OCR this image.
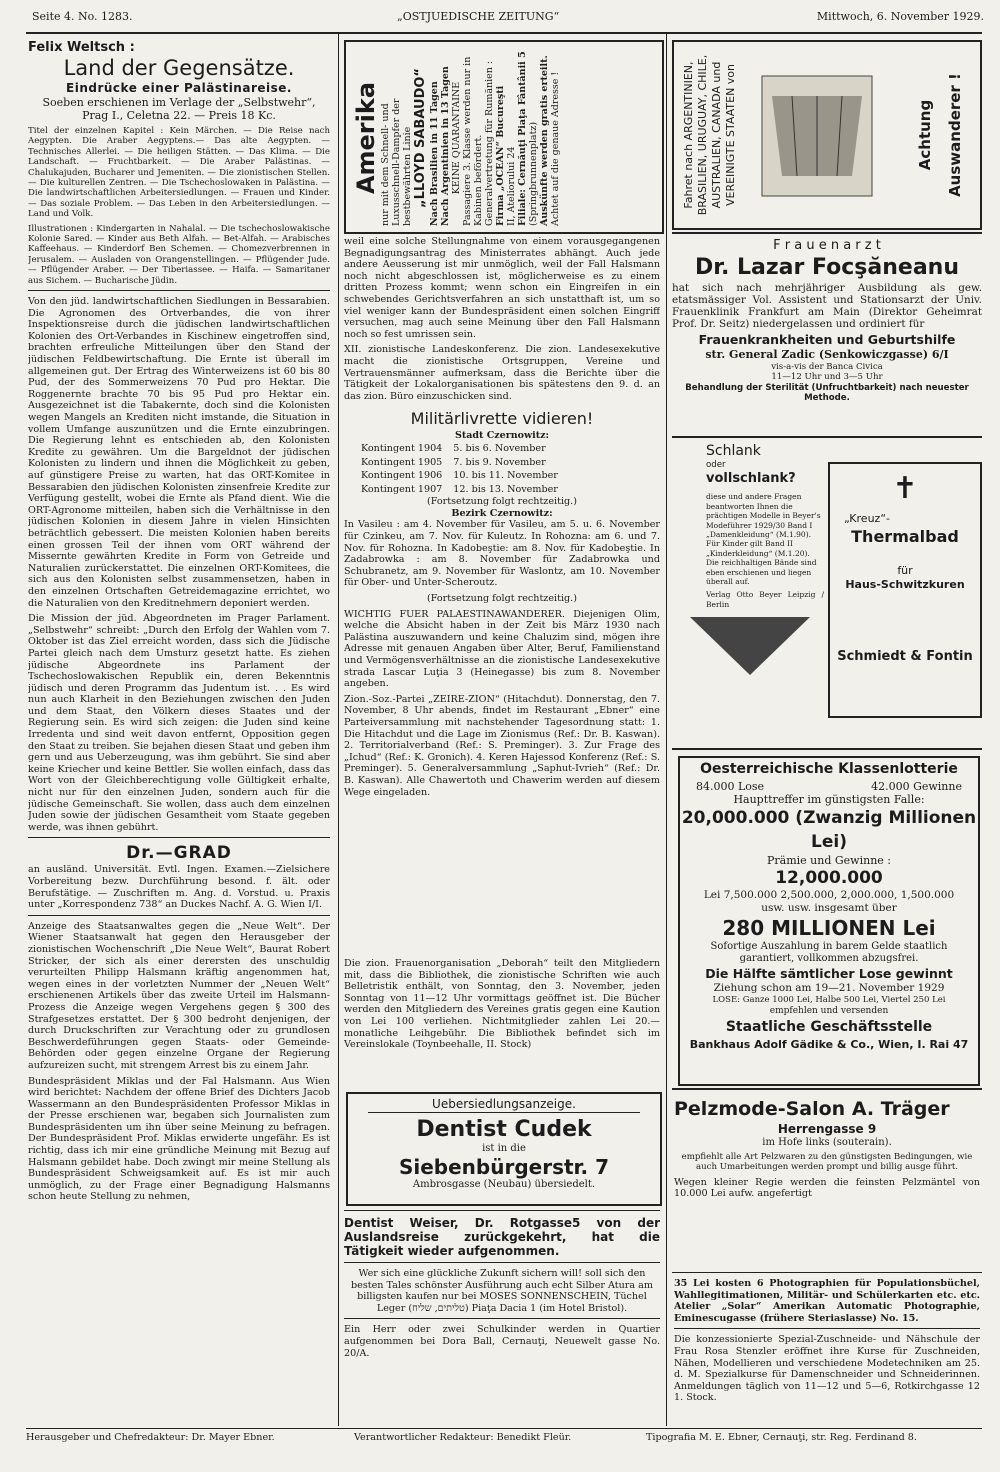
Seite 4. No. 1283.	„OSTJUEDISCHE ZEITUNG“	Mittwoch, 6. November 1929.
Felix Weltsch :
Land der Gegensätze.
Eindrücke einer Palästinareise.
Soeben erschienen im Verlage der „Selbstwehr“,
Prag I., Celetna 22. — Preis 18 Kc.

Titel der einzelnen Kapitel : Kein Märchen. — Die Reise nach Aegypten. Die Araber Aegyptens.— Das alte Aegypten. — Technisches Allerlei. — Die heiligen Stätten. — Das Klima. — Die Landschaft. — Fruchtbarkeit. — Die Araber Palästinas. — Chalukajuden, Bucharer und Jemeniten. — Die zionistischen Stellen. — Die kulturellen Zentren. — Die Tschechoslowaken in Palästina. — Die landwirtschaftlichen Arbeitersiedlungen. — Frauen und Kinder. — Das soziale Problem. — Das Leben in den Arbeitersiedlungen. — Land und Volk.

Illustrationen : Kindergarten in Nahalal. — Die tschechoslowakische Kolonie Sared. — Kinder aus Beth Alfah. — Bet-Alfah. — Arabisches Kaffeehaus. — Kinderdorf Ben Schemen. — Chomezverbrennen in Jerusalem. — Ausladen von Orangenstellingen. — Pflügender Jude. — Pflügender Araber. — Der Tiberiassee. — Haifa. — Samaritaner aus Sichem. — Bucharische Jüdin.

Von den jüd. landwirtschaftlichen Siedlungen in Bessarabien. Die Agronomen des Ortverbandes, die von ihrer Inspektionsreise durch die jüdischen landwirtschaftlichen Kolonien des Ort-Verbandes in Kischinew eingetroffen sind, brachten erfreuliche Mitteilungen über den Stand der jüdischen Feldbewirtschaftung. Die Ernte ist überall im allgemeinen gut. Der Ertrag des Winterweizens ist 60 bis 80 Pud, der des Sommerweizens 70 Pud pro Hektar. Die Roggenernte brachte 70 bis 95 Pud pro Hektar ein. Ausgezeichnet ist die Tabakernte, doch sind die Kolonisten wegen Mangels an Krediten nicht imstande, die Situation in vollem Umfange auszunützen und die Ernte einzubringen. Die Regierung lehnt es entschieden ab, den Kolonisten Kredite zu gewähren. Um die Bargeldnot der jüdischen Kolonisten zu lindern und ihnen die Möglichkeit zu geben, auf günstigere Preise zu warten, hat das ORT-Komitee in Bessarabien den jüdischen Kolonisten zinsenfreie Kredite zur Verfügung gestellt, wobei die Ernte als Pfand dient. Wie die ORT-Agronome mitteilen, haben sich die Verhältnisse in den jüdischen Kolonien in diesem Jahre in vielen Hinsichten beträchtlich gebessert. Die meisten Kolonien haben bereits einen grossen Teil der ihnen vom ORT während der Missernte gewährten Kredite in Form von Getreide und Naturalien zurückerstattet. Die einzelnen ORT-Komitees, die sich aus den Kolonisten selbst zusammensetzen, haben in den einzelnen Ortschaften Getreidemagazine errichtet, wo die Naturalien von den Kreditnehmern deponiert werden.

Die Mission der jüd. Abgeordneten im Prager Parlament. „Selbstwehr“ schreibt: „Durch den Erfolg der Wahlen vom 7. Oktober ist das Ziel erreicht worden, dass sich die Jüdische Partei gleich nach dem Umsturz gesetzt hatte. Es ziehen jüdische Abgeordnete ins Parlament der Tschechoslowakischen Republik ein, deren Bekenntnis jüdisch und deren Programm das Judentum ist. . . Es wird nun auch Klarheit in den Beziehungen zwischen den Juden und dem Staat, den Völkern dieses Staates und der Regierung sein. Es wird sich zeigen: die Juden sind keine Irredenta und sind weit davon entfernt, Opposition gegen den Staat zu treiben. Sie bejahen diesen Staat und geben ihm gern und aus Ueberzeugung, was ihm gebührt. Sie sind aber keine Kriecher und keine Bettler. Sie wollen einfach, dass das Wort von der Gleichberechtigung volle Gültigkeit erhalte, nicht nur für den einzelnen Juden, sondern auch für die jüdische Gemeinschaft. Sie wollen, dass auch dem einzelnen Juden sowie der jüdischen Gesamtheit vom Staate gegeben werde, was ihnen gebührt.

Dr.—GRAD

an ausländ. Universität. Evtl. Ingen. Examen.—Zielsichere Vorbereitung bezw. Durchführung besond. f. ält. oder Berufstätige. — Zuschriften m. Ang. d. Vorstud. u. Praxis unter „Korrespondenz 738“ an Duckes Nachf. A. G. Wien I/I.

Anzeige des Staatsanwaltes gegen die „Neue Welt“. Der Wiener Staatsanwalt hat gegen den Herausgeber der zionistischen Wochenschrift „Die Neue Welt“, Baurat Robert Stricker, der sich als einer derersten des unschuldig verurteilten Philipp Halsmann kräftig angenommen hat, wegen eines in der vorletzten Nummer der „Neuen Welt“ erschienenen Artikels über das zweite Urteil im Halsmann-Prozess die Anzeige wegen Vergehens gegen § 300 des Strafgesetzes erstattet. Der § 300 bedroht denjenigen, der durch Druckschriften zur Verachtung oder zu grundlosen Beschwerdeführungen gegen Staats- oder Gemeinde-Behörden oder gegen einzelne Organe der Regierung aufzureizen sucht, mit strengem Arrest bis zu einem Jahr.

Bundespräsident Miklas und der Fal Halsmann. Aus Wien wird berichtet: Nachdem der offene Brief des Dichters Jacob Wassermann an den Bundespräsidenten Professor Miklas in der Presse erschienen war, begaben sich Journalisten zum Bundespräsidenten um ihn über seine Meinung zu befragen. Der Bundespräsident Prof. Miklas erwiderte ungefähr. Es ist richtig, dass ich mir eine gründliche Meinung mit Bezug auf Halsmann gebildet habe. Doch zwingt mir meine Stellung als Bundespräsident Schweigsamkeit auf. Es ist mir auch unmöglich, zu der Frage einer Begnadigung Halsmanns schon heute Stellung zu nehmen,

Amerika nur mit dem Schnell- und Luxusschnell-Dampfer der bestbewährten Linie „LLOYD SABAUDO“ Nach Brasilien in 11 Tagen Nach Argentinien in 13 Tagen KEINE QUARANTAINE Passagiere 3. Klasse werden nur in Kabinen befördert. Generalvertretung für Rumänien : Firma „OCEAN“ Bucureşti II, Ateliorului 24 Filiale: Cernăuţi Piaţa Fântânii 5 (Springbrunnenplatz) Auskünfte werden gratis erteilt. Achtet auf die genaue Adresse !

weil eine solche Stellungnahme von einem vorausgegangenen Begnadigungsantrag des Ministerrates abhängt. Auch jede andere Aeusserung ist mir unmöglich, weil der Fall Halsmann noch nicht abgeschlossen ist, möglicherweise es zu einem dritten Prozess kommt; wenn schon ein Eingreifen in ein schwebendes Gerichtsverfahren an sich unstatthaft ist, um so viel weniger kann der Bundespräsident einen solchen Eingriff versuchen, mag auch seine Meinung über den Fall Halsmann noch so fest umrissen sein.

XII. zionistische Landeskonferenz. Die zion. Landesexekutive macht die zionistische Ortsgruppen, Vereine und Vertrauensmänner aufmerksam, dass die Berichte über die Tätigkeit der Lokalorganisationen bis spätestens den 9. d. an das zion. Büro einzuschicken sind.

Militärlivrette vidieren!
Stadt Czernowitz:
Kontingent 1904	5. bis 6. November
Kontingent 1905	7. bis 9. November
Kontingent 1906	10. bis 11. November
Kontingent 1907	12. bis 13. November
(Fortsetzung folgt rechtzeitig.)
Bezirk Czernowitz:

In Vasileu : am 4. November für Vasileu, am 5. u. 6. November für Czinkeu, am 7. Nov. für Kuleutz. In Rohozna: am 6. und 7. Nov. für Rohozna. In Kadobeştie: am 8. Nov. für Kadobeştie. In Zadabrowka : am 8. November für Zadabrowka und Schubranetz, am 9. November für Waslontz, am 10. November für Ober- und Unter-Scheroutz.

(Fortsetzung folgt rechtzeitig.)

WICHTIG FUER PALAESTINAWANDERER. Diejenigen Olim, welche die Absicht haben in der Zeit bis März 1930 nach Palästina auszuwandern und keine Chaluzim sind, mögen ihre Adresse mit genauen Angaben über Alter, Beruf, Familienstand und Vermögensverhältnisse an die zionistische Landesexekutive strada Lascar Luţia 3 (Heinegasse) bis zum 8. November angeben.

Zion.-Soz.-Partei „ZEIRE-ZION“ (Hitachdut). Donnerstag, den 7. November, 8 Uhr abends, findet im Restaurant „Ebner“ eine Parteiversammlung mit nachstehender Tagesordnung statt: 1. Die Hitachdut und die Lage im Zionismus (Ref.: Dr. B. Kaswan). 2. Territorialverband (Ref.: S. Preminger). 3. Zur Frage des „Ichud“ (Ref.: K. Gronich). 4. Keren Hajessod Konferenz (Ref.: S. Preminger). 5. Generalversammlung „Saphut-Ivrieh“ (Ref.: Dr. B. Kaswan). Alle Chawertoth und Chawerim werden auf diesem Wege eingeladen.

Die zion. Frauenorganisation „Deborah“ teilt den Mitgliedern mit, dass die Bibliothek, die zionistische Schriften wie auch Belletristik enthält, von Sonntag, den 3. November, jeden Sonntag von 11—12 Uhr vormittags geöffnet ist. Die Bücher werden den Mitgliedern des Vereines gratis gegen eine Kaution von Lei 100 verliehen. Nichtmitglieder zahlen Lei 20.— monatliche Leihgebühr. Die Bibliothek befindet sich im Vereinslokale (Toynbeehalle, II. Stock)

Uebersiedlungsanzeige.
Dentist Cudek
ist in die
Siebenbürgerstr. 7
Ambrosgasse (Neubau) übersiedelt.

Dentist Weiser, Dr. Rotgasse5 von der Auslandsreise zurückgekehrt, hat die Tätigkeit wieder aufgenommen.

Wer sich eine glückliche Zukunft sichern will! soll sich den besten Tales schönster Ausführung auch echt Silber Atura am billigsten kaufen nur bei MOSES SONNENSCHEIN, Tüchel Leger (טליתים, שליח) Piaţa Dacia 1 (im Hotel Bristol).

Ein Herr oder zwei Schulkinder werden in Quartier aufgenommen bei Dora Ball, Cernauţi, Neuewelt gasse No. 20/A.

Achtung Auswanderer !
Fahret nach ARGENTINIEN, BRASILIEN, URUGUAY, CHILE, AUSTRALIEN, CANADA und VEREINIGTE STAATEN von
F r a u e n a r z t
Dr. Lazar Focşăneanu

hat sich nach mehrjähriger Ausbildung als gew. etatsmässiger Vol. Assistent und Stationsarzt der Univ. Frauenklinik Frankfurt am Main (Direktor Geheimrat Prof. Dr. Seitz) niedergelassen und ordiniert für

Frauenkrankheiten und Geburtshilfe
str. General Zadic (Senkowiczgasse) 6/I
vis-a-vis der Banca Civica
11—12 Uhr und 3—5 Uhr
Behandlung der Sterilität (Unfruchtbarkeit) nach neuester Methode.
Schlank
oder
vollschlank?

diese und andere Fragen beantworten Ihnen die prächtigen Modelle in Beyer's Modeführer 1929/30 Band I „Damenkleidung“ (M.1.90). Für Kinder gilt Band II „Kinderkleidung“ (M.1.20). Die reichhaltigen Bände sind eben erschienen und liegen überall auf.

Verlag Otto Beyer Leipzig / Berlin

✝
„Kreuz“-
Thermalbad
für
Haus-Schwitzkuren
Schmiedt & Fontin
Oesterreichische Klassenlotterie
84.000 Lose	42.000 Gewinne
Haupttreffer im günstigsten Falle:
20,000.000 (Zwanzig Millionen Lei)
Prämie und Gewinne :
12,000.000
Lei 7,500.000 2,500.000, 2,000.000, 1,500.000
usw. usw. insgesamt über
280 MILLIONEN Lei
Sofortige Auszahlung in barem Gelde staatlich garantiert, vollkommen abzugsfrei.
Die Hälfte sämtlicher Lose gewinnt
Ziehung schon am 19—21. November 1929
LOSE: Ganze 1000 Lei, Halbe 500 Lei, Viertel 250 Lei
empfehlen und versenden
Staatliche Geschäftsstelle
Bankhaus Adolf Gädike & Co., Wien, I. Rai 47
Pelzmode-Salon A. Träger
Herrengasse 9
im Hofe links (souterain).

empfiehlt alle Art Pelzwaren zu den günstigsten Bedingungen, wie auch Umarbeitungen werden prompt und billig ausge führt.

Wegen kleiner Regie werden die feinsten Pelzmäntel von 10.000 Lei aufw. angefertigt

35 Lei kosten 6 Photographien für Populationsbüchel, Wahllegitimationen, Militär- und Schülerkarten etc. etc. Atelier „Solar“ Amerikan Automatic Photographie, Eminescugasse (frühere Steriaslasse) No. 15.

Die konzessionierte Spezial-Zuschneide- und Nähschule der Frau Rosa Stenzler eröffnet ihre Kurse für Zuschneiden, Nähen, Modellieren und verschiedene Modetechniken am 25. d. M. Spezialkurse für Damenschneider und Schneiderinnen. Anmeldungen täglich von 11—12 und 5—6, Rotkirchgasse 12 1. Stock.

Herausgeber und Chefredakteur: Dr. Mayer Ebner.	Verantwortlicher Redakteur: Benedikt Fleür.	Tipografia M. E. Ebner, Cernauţi, str. Reg. Ferdinand 8.
